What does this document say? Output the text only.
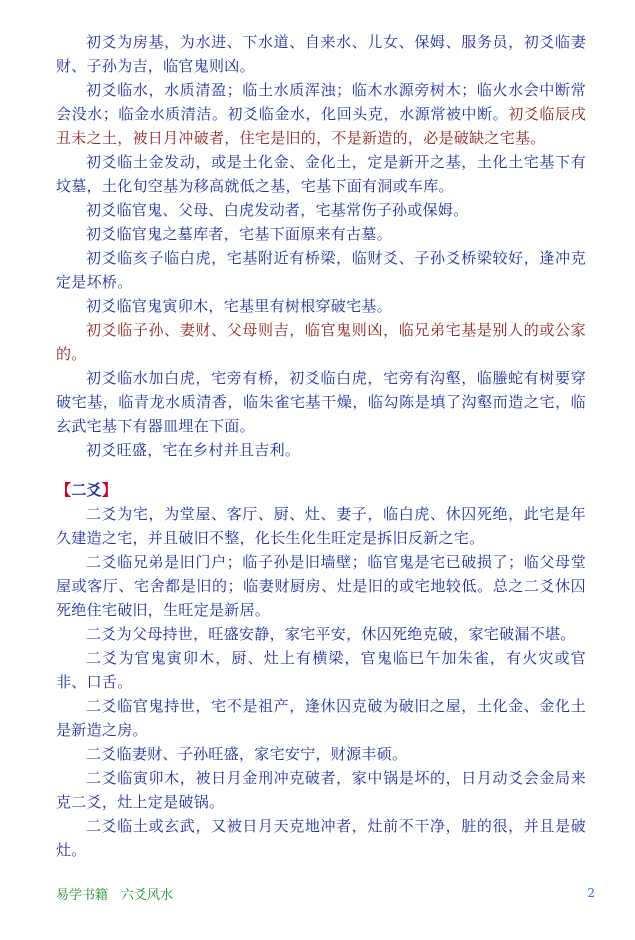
初爻为房基，为水进、下水道、自来水、儿女、保姆、服务员，初爻临妻财、子孙为吉，临官鬼则凶。

初爻临水，水质清盈；临土水质浑浊；临木水源旁树木；临火水会中断常会没水；临金水质清洁。初爻临金水，化回头克，水源常被中断。初爻临辰戌丑未之土，被日月冲破者，住宅是旧的，不是新造的，必是破缺之宅基。

初爻临土金发动，或是土化金、金化土，定是新开之基，土化土宅基下有坟墓，土化旬空基为移高就低之基，宅基下面有洞或车库。

初爻临官鬼、父母、白虎发动者，宅基常伤子孙或保姆。

初爻临官鬼之墓库者，宅基下面原来有古墓。

初爻临亥子临白虎，宅基附近有桥梁，临财爻、子孙爻桥梁较好，逢冲克定是坏桥。

初爻临官鬼寅卯木，宅基里有树根穿破宅基。

初爻临子孙、妻财、父母则吉，临官鬼则凶，临兄弟宅基是别人的或公家的。

初爻临水加白虎，宅旁有桥，初爻临白虎，宅旁有沟壑，临螣蛇有树要穿破宅基，临青龙水质清香，临朱雀宅基干燥，临勾陈是填了沟壑而造之宅，临玄武宅基下有器皿埋在下面。

初爻旺盛，宅在乡村并且吉利。

【二爻】

二爻为宅，为堂屋、客厅、厨、灶、妻子，临白虎、休囚死绝，此宅是年久建造之宅，并且破旧不整，化长生化生旺定是拆旧反新之宅。

二爻临兄弟是旧门户；临子孙是旧墙壁；临官鬼是宅已破损了；临父母堂屋或客厅、宅舍都是旧的；临妻财厨房、灶是旧的或宅地较低。总之二爻休囚死绝住宅破旧，生旺定是新居。

二爻为父母持世，旺盛安静，家宅平安，休囚死绝克破，家宅破漏不堪。

二爻为官鬼寅卯木，厨、灶上有横梁，官鬼临巳午加朱雀，有火灾或官非、口舌。

二爻临官鬼持世，宅不是祖产，逢休囚克破为破旧之屋，土化金、金化土是新造之房。

二爻临妻财、子孙旺盛，家宅安宁，财源丰硕。

二爻临寅卯木，被日月金刑冲克破者，家中锅是坏的，日月动爻会金局来克二爻，灶上定是破锅。

二爻临土或玄武，又被日月天克地冲者，灶前不干净，脏的很，并且是破灶。

易学书籍　六爻风水	2
